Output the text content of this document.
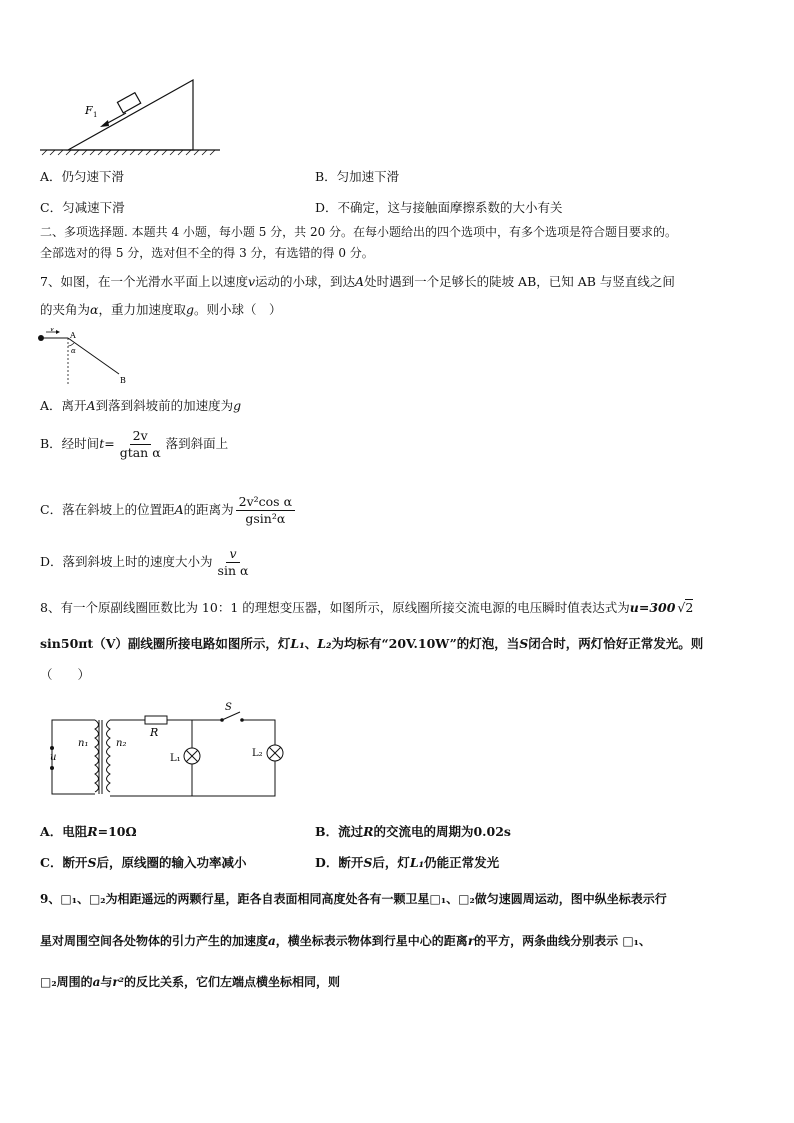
F 1
A．仍匀速下滑	B．匀加速下滑
C．匀减速下滑	D．不确定，这与接触面摩擦系数的大小有关
二、多项选择题. 本题共 4 小题，每小题 5 分，共 20 分。在每小题给出的四个选项中，有多个选项是符合题目要求的。
全部选对的得 5 分，选对但不全的得 3 分，有选错的得 0 分。
7、如图，在一个光滑水平面上以速度v运动的小球，到达A处时遇到一个足够长的陡坡 AB，已知 AB 与竖直线之间
的夹角为α，重力加速度取g。则小球（　）
v
A
α
B
A．离开A到落到斜坡前的加速度为g
B．经时间$t= \frac{2v}{\text{gtan α}}$ 落到斜面上
C．落在斜坡上的位置距A的距离为 $\frac{\text{2v²cos α}}{\text{gsin²α}}$
D．落到斜坡上时的速度大小为 $\frac{v}{\text{sin α}}$
8、有一个原副线圈匝数比为 10：1 的理想变压器，如图所示，原线圈所接交流电源的电压瞬时值表达式为u=300 √2
sin50πt（V）副线圈所接电路如图所示，灯L₁、L₂为均标有“20V.10W”的灯泡，当S闭合时，两灯恰好正常发光。则
（　　）
u
n₁	n₂
R
S
L₁	L₂
A．电阻R=10Ω	B．流过R的交流电的周期为0.02s
C．断开S后，原线圈的输入功率减小	D．断开S后，灯L₁仍能正常发光
9、□₁、□₂为相距遥远的两颗行星，距各自表面相同高度处各有一颗卫星□₁、□₂做匀速圆周运动，图中纵坐标表示行
星对周围空间各处物体的引力产生的加速度a，横坐标表示物体到行星中心的距离r的平方，两条曲线分别表示 □₁、
□₂周围的a与r²的反比关系，它们左端点横坐标相同，则
